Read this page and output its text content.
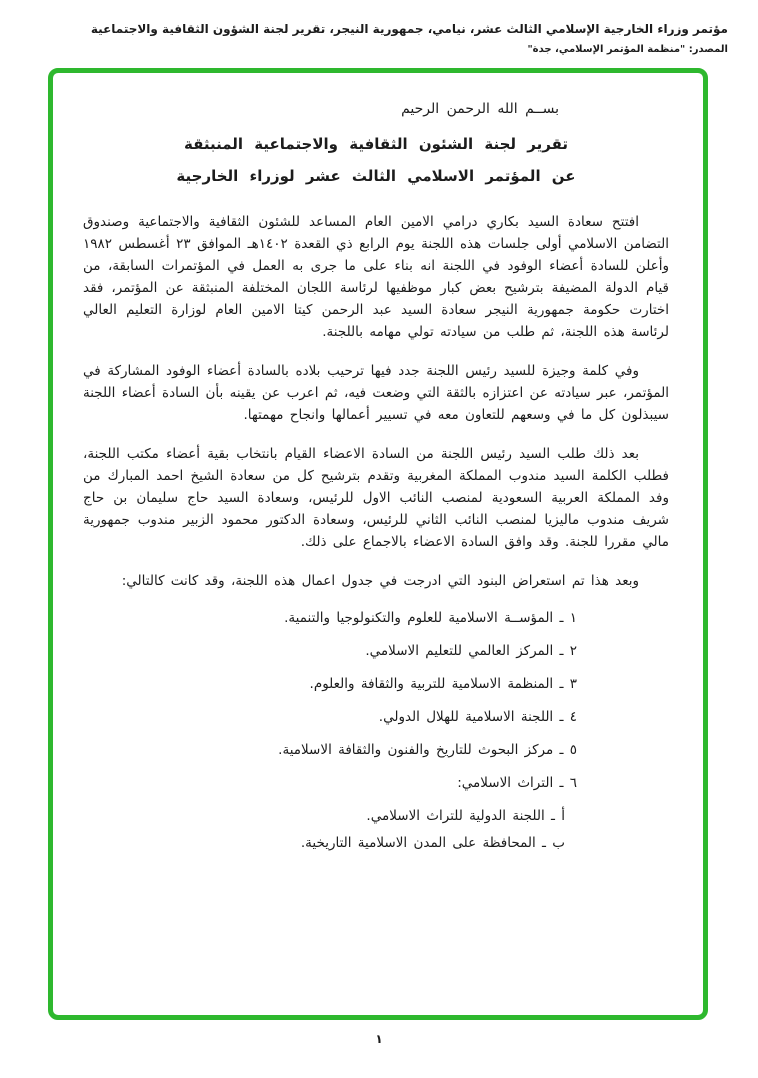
مؤتمر وزراء الخارجية الإسلامي الثالث عشر، نيامي، جمهورية النيجر، تقرير لجنة الشؤون الثقافية والاجتماعية
المصدر: "منظمة المؤتمر الإسلامي، جدة"
بســم الله الرحمن الرحيم
تقرير لجنة الشئون الثقافية والاجتماعية المنبثقة
عن المؤتمر الاسلامي الثالث عشر لوزراء الخارجية

افتتح سعادة السيد بكاري درامي الامين العام المساعد للشئون الثقافية والاجتماعية وصندوق التضامن الاسلامي أولى جلسات هذه اللجنة يوم الرابع ذي القعدة ١٤٠٢هـ الموافق ٢٣ أغسطس ١٩٨٢ وأعلن للسادة أعضاء الوفود في اللجنة انه بناء على ما جرى به العمل في المؤتمرات السابقة، من قيام الدولة المضيفة بترشيح بعض كبار موظفيها لرئاسة اللجان المختلفة المنبثقة عن المؤتمر، فقد اختارت حكومة جمهورية النيجر سعادة السيد عبد الرحمن كيتا الامين العام لوزارة التعليم العالي لرئاسة هذه اللجنة، ثم طلب من سيادته تولي مهامه باللجنة.

وفي كلمة وجيزة للسيد رئيس اللجنة جدد فيها ترحيب بلاده بالسادة أعضاء الوفود المشاركة في المؤتمر، عبر سيادته عن اعتزازه بالثقة التي وضعت فيه، ثم اعرب عن يقينه بأن السادة أعضاء اللجنة سيبذلون كل ما في وسعهم للتعاون معه في تسيير أعمالها وانجاح مهمتها.

بعد ذلك طلب السيد رئيس اللجنة من السادة الاعضاء القيام بانتخاب بقية أعضاء مكتب اللجنة، فطلب الكلمة السيد مندوب المملكة المغربية وتقدم بترشيح كل من سعادة الشيخ احمد المبارك من وفد المملكة العربية السعودية لمنصب النائب الاول للرئيس، وسعادة السيد حاج سليمان بن حاج شريف مندوب ماليزيا لمنصب النائب الثاني للرئيس، وسعادة الدكتور محمود الزبير مندوب جمهورية مالي مقررا للجنة. وقد وافق السادة الاعضاء بالاجماع على ذلك.

وبعد هذا تم استعراض البنود التي ادرجت في جدول اعمال هذه اللجنة، وقد كانت كالتالي:

١ ـ المؤســة الاسلامية للعلوم والتكنولوجيا والتنمية.
٢ ـ المركز العالمي للتعليم الاسلامي.
٣ ـ المنظمة الاسلامية للتربية والثقافة والعلوم.
٤ ـ اللجنة الاسلامية للهلال الدولي.
٥ ـ مركز البحوث للتاريخ والفنون والثقافة الاسلامية.
٦ ـ التراث الاسلامي:
أ ـ اللجنة الدولية للتراث الاسلامي.
ب ـ المحافظة على المدن الاسلامية التاريخية.
١
